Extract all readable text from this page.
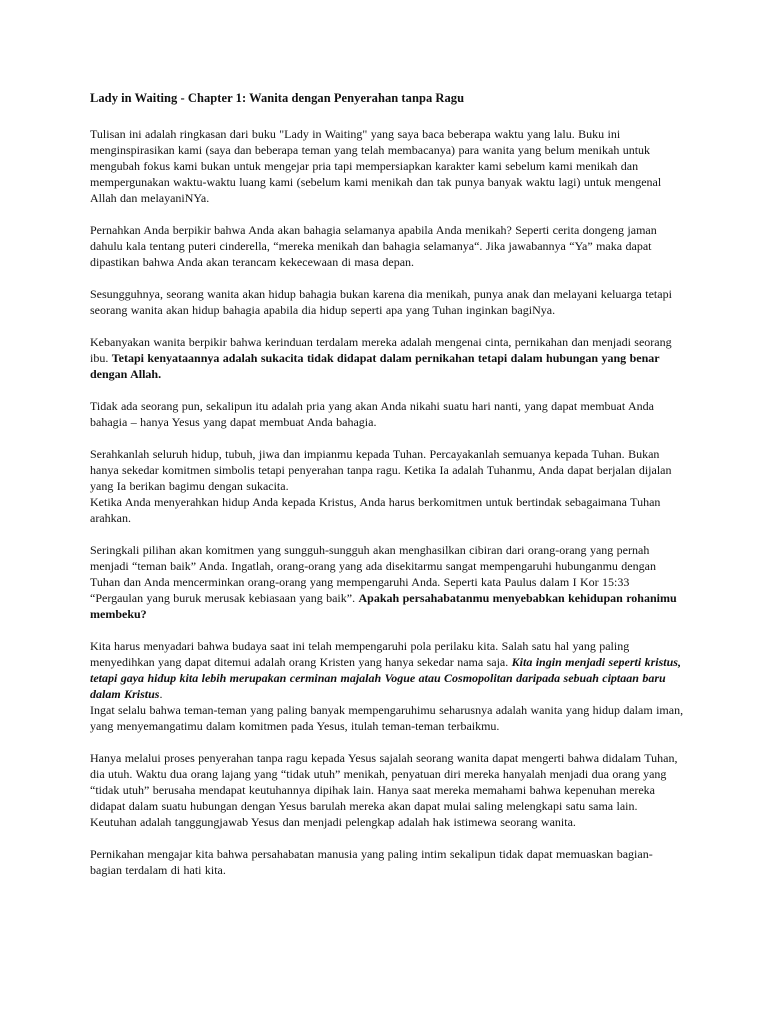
Lady in Waiting - Chapter 1: Wanita dengan Penyerahan tanpa Ragu

Tulisan ini adalah ringkasan dari buku "Lady in Waiting" yang saya baca beberapa waktu yang lalu. Buku ini menginspirasikan kami (saya dan beberapa teman yang telah membacanya) para wanita yang belum menikah untuk mengubah fokus kami bukan untuk mengejar pria tapi mempersiapkan karakter kami sebelum kami menikah dan mempergunakan waktu-waktu luang kami (sebelum kami menikah dan tak punya banyak waktu lagi) untuk mengenal Allah dan melayaniNYa.

Pernahkan Anda berpikir bahwa Anda akan bahagia selamanya apabila Anda menikah? Seperti cerita dongeng jaman dahulu kala tentang puteri cinderella, “mereka menikah dan bahagia selamanya“. Jika jawabannya “Ya” maka dapat dipastikan bahwa Anda akan terancam kekecewaan di masa depan.

Sesungguhnya, seorang wanita akan hidup bahagia bukan karena dia menikah, punya anak dan melayani keluarga tetapi seorang wanita akan hidup bahagia apabila dia hidup seperti apa yang Tuhan inginkan bagiNya.

Kebanyakan wanita berpikir bahwa kerinduan terdalam mereka adalah mengenai cinta, pernikahan dan menjadi seorang ibu. Tetapi kenyataannya adalah sukacita tidak didapat dalam pernikahan tetapi dalam hubungan yang benar dengan Allah.

Tidak ada seorang pun, sekalipun itu adalah pria yang akan Anda nikahi suatu hari nanti, yang dapat membuat Anda bahagia – hanya Yesus yang dapat membuat Anda bahagia.

Serahkanlah seluruh hidup, tubuh, jiwa dan impianmu kepada Tuhan. Percayakanlah semuanya kepada Tuhan. Bukan hanya sekedar komitmen simbolis tetapi penyerahan tanpa ragu. Ketika Ia adalah Tuhanmu, Anda dapat berjalan dijalan yang Ia berikan bagimu dengan sukacita.

Ketika Anda menyerahkan hidup Anda kepada Kristus, Anda harus berkomitmen untuk bertindak sebagaimana Tuhan arahkan.

Seringkali pilihan akan komitmen yang sungguh-sungguh akan menghasilkan cibiran dari orang-orang yang pernah menjadi “teman baik” Anda. Ingatlah, orang-orang yang ada disekitarmu sangat mempengaruhi hubunganmu dengan Tuhan dan Anda mencerminkan orang-orang yang mempengaruhi Anda. Seperti kata Paulus dalam I Kor 15:33 “Pergaulan yang buruk merusak kebiasaan yang baik”. Apakah persahabatanmu menyebabkan kehidupan rohanimu membeku?

Kita harus menyadari bahwa budaya saat ini telah mempengaruhi pola perilaku kita. Salah satu hal yang paling menyedihkan yang dapat ditemui adalah orang Kristen yang hanya sekedar nama saja. Kita ingin menjadi seperti kristus, tetapi gaya hidup kita lebih merupakan cerminan majalah Vogue atau Cosmopolitan daripada sebuah ciptaan baru dalam Kristus.

Ingat selalu bahwa teman-teman yang paling banyak mempengaruhimu seharusnya adalah wanita yang hidup dalam iman, yang menyemangatimu dalam komitmen pada Yesus, itulah teman-teman terbaikmu.

Hanya melalui proses penyerahan tanpa ragu kepada Yesus sajalah seorang wanita dapat mengerti bahwa didalam Tuhan, dia utuh. Waktu dua orang lajang yang “tidak utuh” menikah, penyatuan diri mereka hanyalah menjadi dua orang yang “tidak utuh” berusaha mendapat keutuhannya dipihak lain. Hanya saat mereka memahami bahwa kepenuhan mereka didapat dalam suatu hubungan dengan Yesus barulah mereka akan dapat mulai saling melengkapi satu sama lain. Keutuhan adalah tanggungjawab Yesus dan menjadi pelengkap adalah hak istimewa seorang wanita.

Pernikahan mengajar kita bahwa persahabatan manusia yang paling intim sekalipun tidak dapat memuaskan bagian-bagian terdalam di hati kita.
